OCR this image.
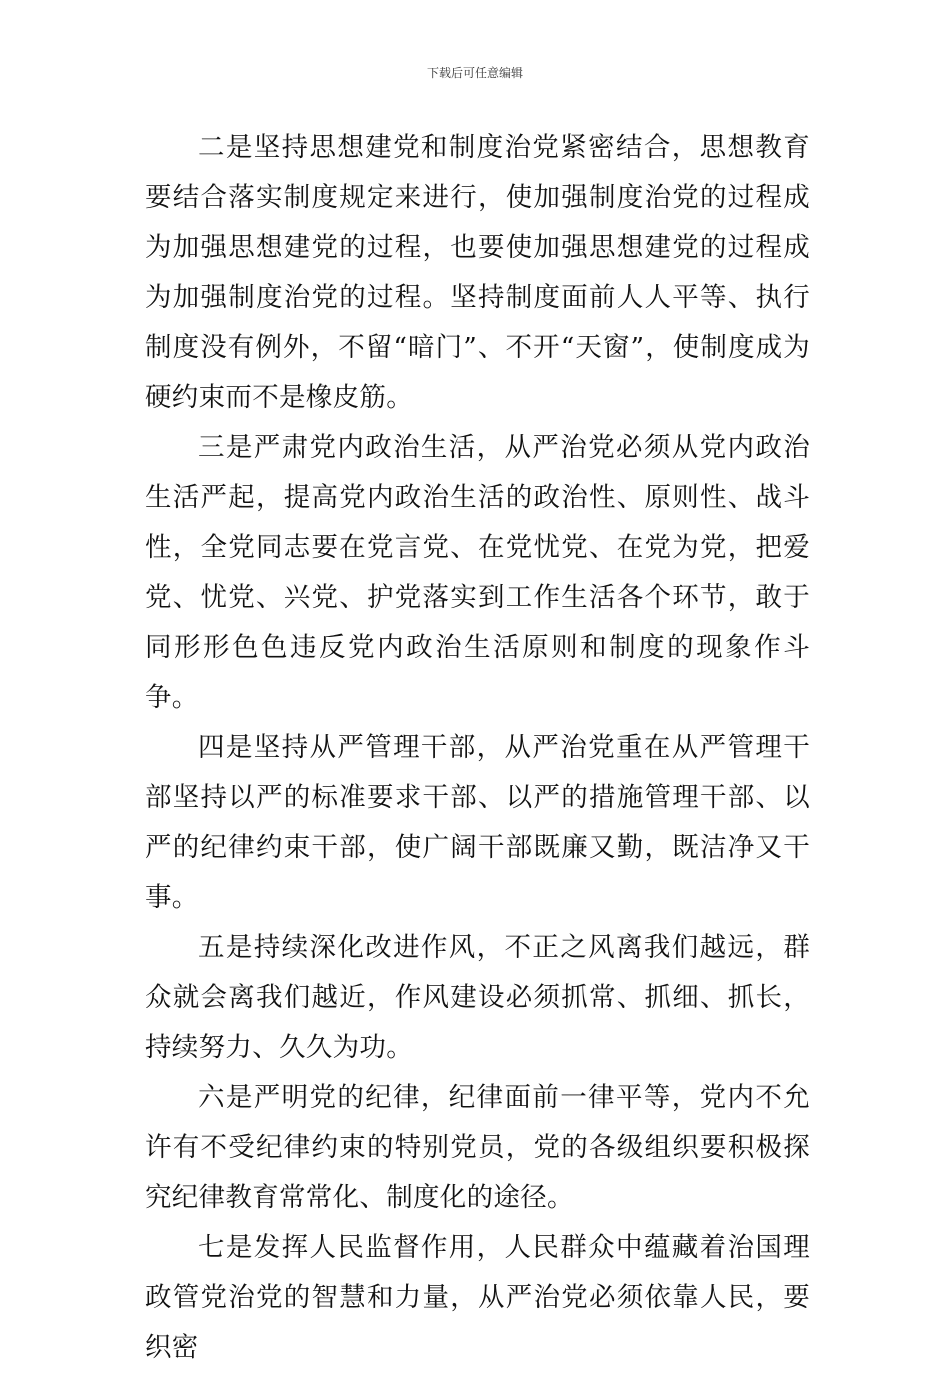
下载后可任意编辑

二是坚持思想建党和制度治党紧密结合，思想教育要结合落实制度规定来进行，使加强制度治党的过程成为加强思想建党的过程，也要使加强思想建党的过程成为加强制度治党的过程。坚持制度面前人人平等、执行制度没有例外，不留“暗门”、不开“天窗”，使制度成为硬约束而不是橡皮筋。

三是严肃党内政治生活，从严治党必须从党内政治生活严起，提高党内政治生活的政治性、原则性、战斗性，全党同志要在党言党、在党忧党、在党为党，把爱党、忧党、兴党、护党落实到工作生活各个环节，敢于同形形色色违反党内政治生活原则和制度的现象作斗争。

四是坚持从严管理干部，从严治党重在从严管理干部坚持以严的标准要求干部、以严的措施管理干部、以严的纪律约束干部，使广阔干部既廉又勤，既洁净又干事。

五是持续深化改进作风，不正之风离我们越远，群众就会离我们越近，作风建设必须抓常、抓细、抓长，持续努力、久久为功。

六是严明党的纪律，纪律面前一律平等，党内不允许有不受纪律约束的特别党员，党的各级组织要积极探究纪律教育常常化、制度化的途径。

七是发挥人民监督作用，人民群众中蕴藏着治国理政管党治党的智慧和力量，从严治党必须依靠人民，要织密
